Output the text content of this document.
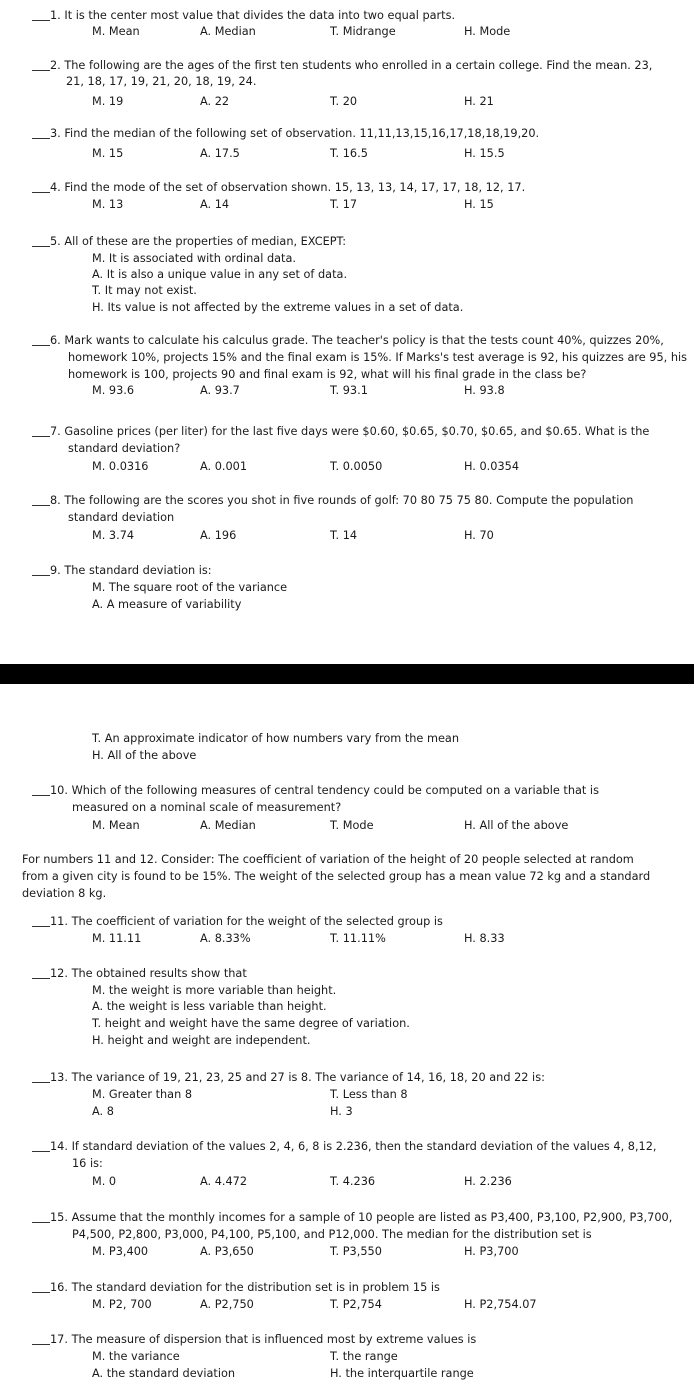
1. It is the center most value that divides the data into two equal parts.
M. Mean	A. Median	T. Midrange	H. Mode
2. The following are the ages of the first ten students who enrolled in a certain college. Find the mean. 23,
21, 18, 17, 19, 21, 20, 18, 19, 24.
M. 19	A. 22	T. 20	H. 21
3. Find the median of the following set of observation. 11,11,13,15,16,17,18,18,19,20.
M. 15	A. 17.5	T. 16.5	H. 15.5
4. Find the mode of the set of observation shown. 15, 13, 13, 14, 17, 17, 18, 12, 17.
M. 13	A. 14	T. 17	H. 15
5. All of these are the properties of median, EXCEPT:
M. It is associated with ordinal data.
A. It is also a unique value in any set of data.
T. It may not exist.
H. Its value is not affected by the extreme values in a set of data.
6. Mark wants to calculate his calculus grade. The teacher's policy is that the tests count 40%, quizzes 20%,
homework 10%, projects 15% and the final exam is 15%. If Marks's test average is 92, his quizzes are 95, his
homework is 100, projects 90 and final exam is 92, what will his final grade in the class be?
M. 93.6	A. 93.7	T. 93.1	H. 93.8
7. Gasoline prices (per liter) for the last five days were $0.60, $0.65, $0.70, $0.65, and $0.65. What is the
standard deviation?
M. 0.0316	A. 0.001	T. 0.0050	H. 0.0354
8. The following are the scores you shot in five rounds of golf: 70 80 75 75 80. Compute the population
standard deviation
M. 3.74	A. 196	T. 14	H. 70
9. The standard deviation is:
M. The square root of the variance
A. A measure of variability
T. An approximate indicator of how numbers vary from the mean
H. All of the above
10. Which of the following measures of central tendency could be computed on a variable that is
measured on a nominal scale of measurement?
M. Mean	A. Median	T. Mode	H. All of the above
For numbers 11 and 12. Consider: The coefficient of variation of the height of 20 people selected at random
from a given city is found to be 15%. The weight of the selected group has a mean value 72 kg and a standard
deviation 8 kg.
11. The coefficient of variation for the weight of the selected group is
M. 11.11	A. 8.33%	T. 11.11%	H. 8.33
12. The obtained results show that
M. the weight is more variable than height.
A. the weight is less variable than height.
T. height and weight have the same degree of variation.
H. height and weight are independent.
13. The variance of 19, 21, 23, 25 and 27 is 8. The variance of 14, 16, 18, 20 and 22 is:
M. Greater than 8	T. Less than 8
A. 8	H. 3
14. If standard deviation of the values 2, 4, 6, 8 is 2.236, then the standard deviation of the values 4, 8,12,
16 is:
M. 0	A. 4.472	T. 4.236	H. 2.236
15. Assume that the monthly incomes for a sample of 10 people are listed as P3,400, P3,100, P2,900, P3,700,
P4,500, P2,800, P3,000, P4,100, P5,100, and P12,000. The median for the distribution set is
M. P3,400	A. P3,650	T. P3,550	H. P3,700
16. The standard deviation for the distribution set is in problem 15 is
M. P2, 700	A. P2,750	T. P2,754	H. P2,754.07
17. The measure of dispersion that is influenced most by extreme values is
M. the variance	T. the range
A. the standard deviation	H. the interquartile range
